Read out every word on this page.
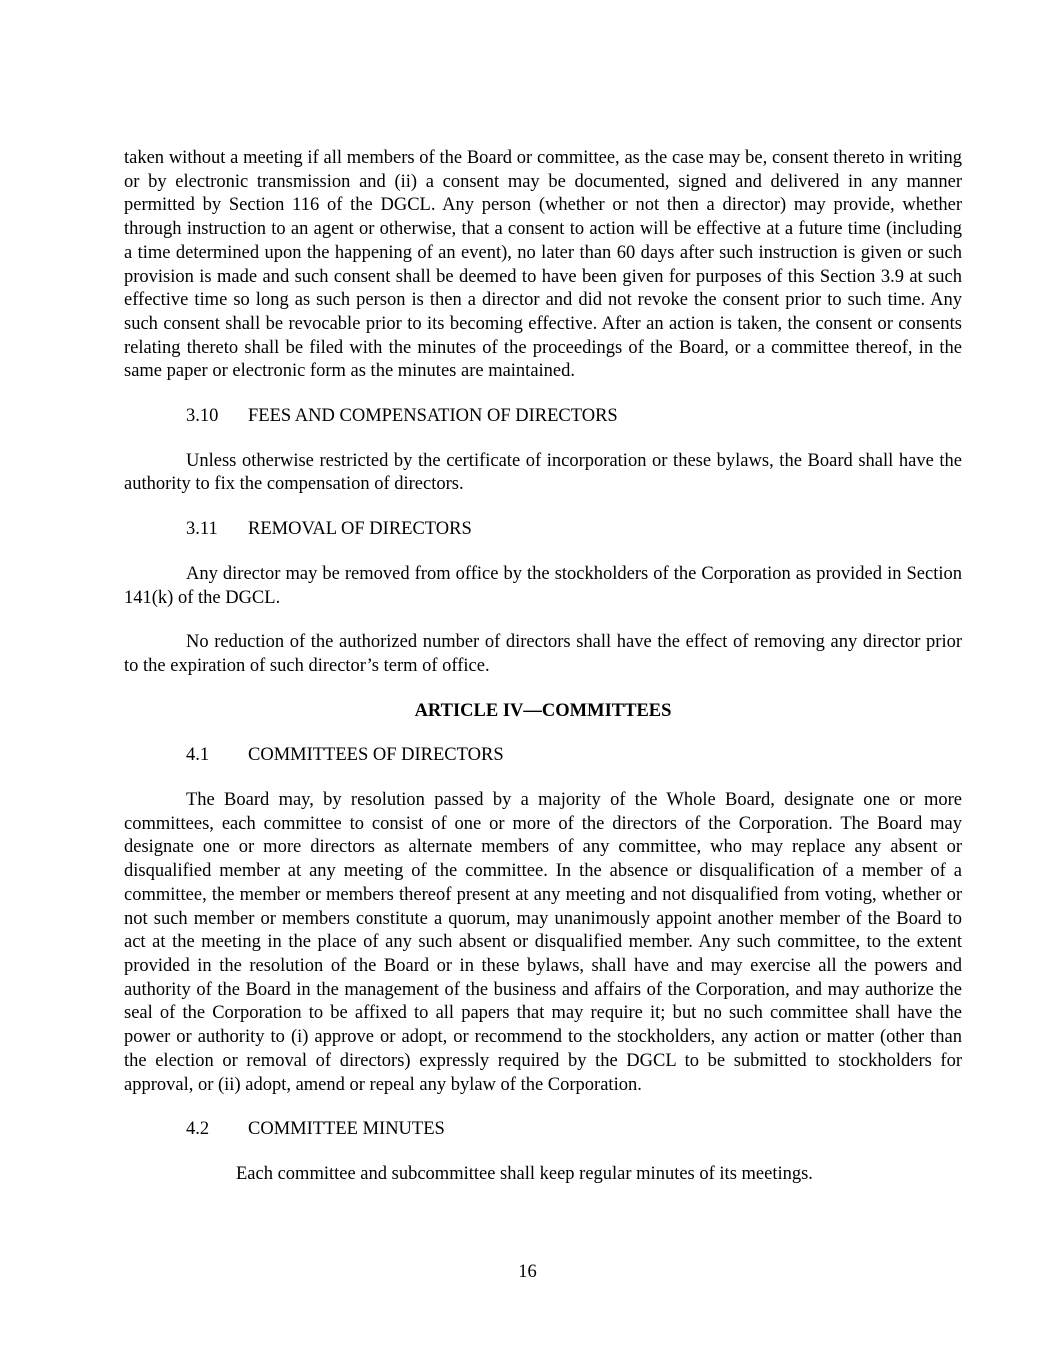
taken without a meeting if all members of the Board or committee, as the case may be, consent thereto in writing or by electronic transmission and (ii) a consent may be documented, signed and delivered in any manner permitted by Section 116 of the DGCL. Any person (whether or not then a director) may provide, whether through instruction to an agent or otherwise, that a consent to action will be effective at a future time (including a time determined upon the happening of an event), no later than 60 days after such instruction is given or such provision is made and such consent shall be deemed to have been given for purposes of this Section 3.9 at such effective time so long as such person is then a director and did not revoke the consent prior to such time. Any such consent shall be revocable prior to its becoming effective. After an action is taken, the consent or consents relating thereto shall be filed with the minutes of the proceedings of the Board, or a committee thereof, in the same paper or electronic form as the minutes are maintained.

3.10	FEES AND COMPENSATION OF DIRECTORS

Unless otherwise restricted by the certificate of incorporation or these bylaws, the Board shall have the authority to fix the compensation of directors.

3.11	REMOVAL OF DIRECTORS

Any director may be removed from office by the stockholders of the Corporation as provided in Section 141(k) of the DGCL.

No reduction of the authorized number of directors shall have the effect of removing any director prior to the expiration of such director’s term of office.

ARTICLE IV—COMMITTEES

4.1	COMMITTEES OF DIRECTORS

The Board may, by resolution passed by a majority of the Whole Board, designate one or more committees, each committee to consist of one or more of the directors of the Corporation. The Board may designate one or more directors as alternate members of any committee, who may replace any absent or disqualified member at any meeting of the committee. In the absence or disqualification of a member of a committee, the member or members thereof present at any meeting and not disqualified from voting, whether or not such member or members constitute a quorum, may unanimously appoint another member of the Board to act at the meeting in the place of any such absent or disqualified member. Any such committee, to the extent provided in the resolution of the Board or in these bylaws, shall have and may exercise all the powers and authority of the Board in the management of the business and affairs of the Corporation, and may authorize the seal of the Corporation to be affixed to all papers that may require it; but no such committee shall have the power or authority to (i) approve or adopt, or recommend to the stockholders, any action or matter (other than the election or removal of directors) expressly required by the DGCL to be submitted to stockholders for approval, or (ii) adopt, amend or repeal any bylaw of the Corporation.

4.2	COMMITTEE MINUTES

Each committee and subcommittee shall keep regular minutes of its meetings.

16
